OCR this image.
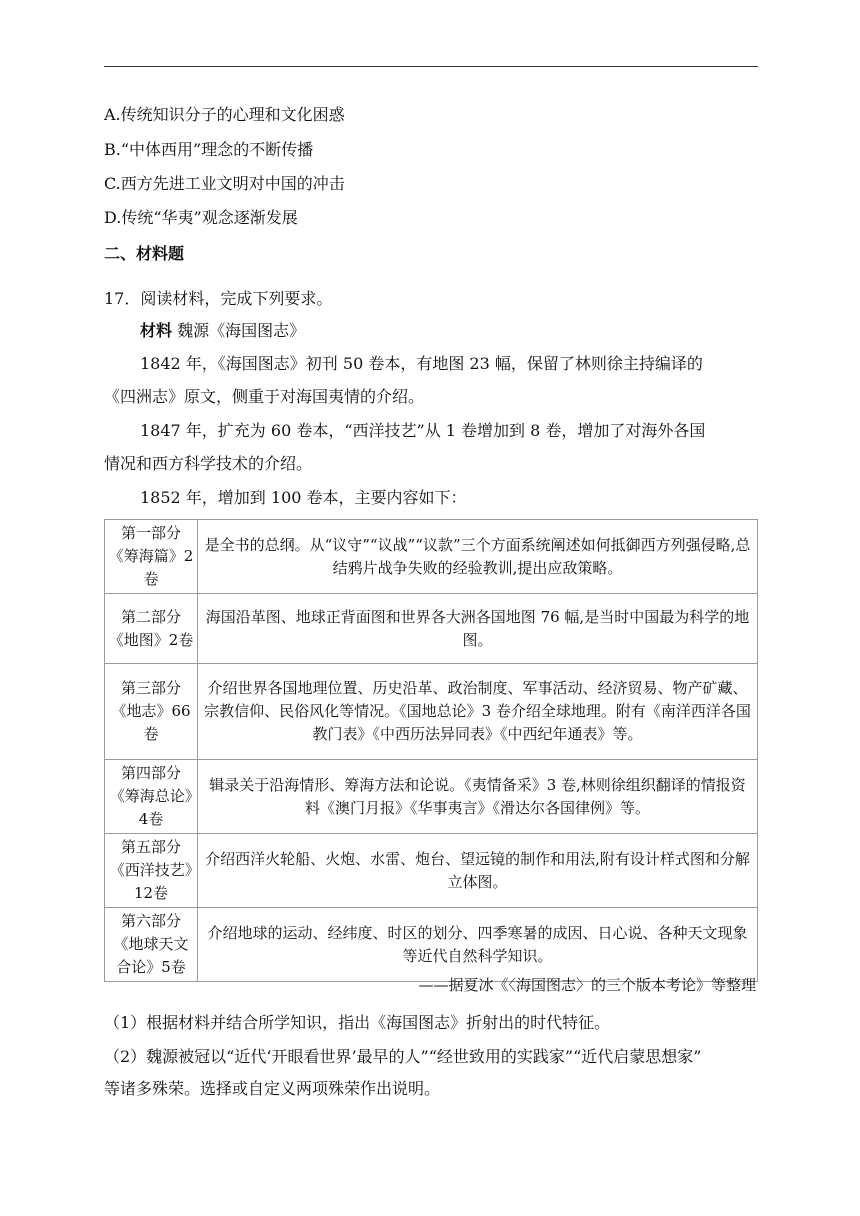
A.传统知识分子的心理和文化困惑
B.“中体西用”理念的不断传播
C.西方先进工业文明对中国的冲击
D.传统“华夷”观念逐渐发展
二、材料题
17．阅读材料，完成下列要求。
材料 魏源《海国图志》
1842 年，《海国图志》初刊 50 卷本，有地图 23 幅，保留了林则徐主持编译的
《四洲志》原文，侧重于对海国夷情的介绍。
1847 年，扩充为 60 卷本，“西洋技艺”从 1 卷增加到 8 卷，增加了对海外各国
情况和西方科学技术的介绍。
1852 年，增加到 100 卷本，主要内容如下：
第一部分《筹海篇》2卷	是全书的总纲。从“议守”“议战”“议款”三个方面系统阐述如何抵御西方列强侵略,总结鸦片战争失败的经验教训,提出应敌策略。
第二部分《地图》2卷	海国沿革图、地球正背面图和世界各大洲各国地图 76 幅,是当时中国最为科学的地图。
第三部分《地志》66卷	介绍世界各国地理位置、历史沿革、政治制度、军事活动、经济贸易、物产矿藏、宗教信仰、民俗风化等情况。《国地总论》3 卷介绍全球地理。附有《南洋西洋各国教门表》《中西历法异同表》《中西纪年通表》等。
第四部分《筹海总论》4卷	辑录关于沿海情形、筹海方法和论说。《夷情备采》3 卷,林则徐组织翻译的情报资料《澳门月报》《华事夷言》《滑达尔各国律例》等。
第五部分《西洋技艺》12卷	介绍西洋火轮船、火炮、水雷、炮台、望远镜的制作和用法,附有设计样式图和分解立体图。
第六部分《地球天文合论》5卷	介绍地球的运动、经纬度、时区的划分、四季寒暑的成因、日心说、各种天文现象等近代自然科学知识。
——据夏冰《〈海国图志〉的三个版本考论》等整理
（1）根据材料并结合所学知识，指出《海国图志》折射出的时代特征。
（2）魏源被冠以“近代‘开眼看世界’最早的人”“经世致用的实践家”“近代启蒙思想家”
等诸多殊荣。选择或自定义两项殊荣作出说明。
